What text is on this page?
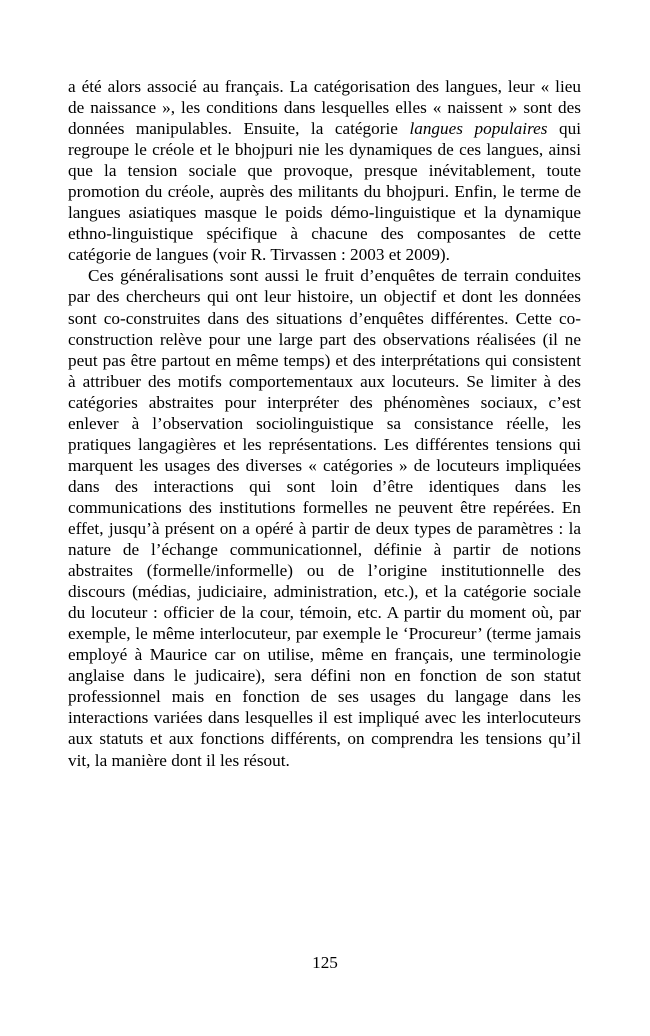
a été alors associé au français. La catégorisation des langues, leur « lieu de naissance », les conditions dans lesquelles elles « naissent » sont des données manipulables. Ensuite, la catégorie langues populaires qui regroupe le créole et le bhojpuri nie les dynamiques de ces langues, ainsi que la tension sociale que provoque, presque inévitablement, toute promotion du créole, auprès des militants du bhojpuri. Enfin, le terme de langues asiatiques masque le poids démo-linguistique et la dynamique ethno-linguistique spécifique à chacune des composantes de cette catégorie de langues (voir R. Tirvassen : 2003 et 2009).

Ces généralisations sont aussi le fruit d’enquêtes de terrain conduites par des chercheurs qui ont leur histoire, un objectif et dont les données sont co-construites dans des situations d’enquêtes différentes. Cette co-construction relève pour une large part des observations réalisées (il ne peut pas être partout en même temps) et des interprétations qui consistent à attribuer des motifs comportementaux aux locuteurs. Se limiter à des catégories abstraites pour interpréter des phénomènes sociaux, c’est enlever à l’observation sociolinguistique sa consistance réelle, les pratiques langagières et les représentations. Les différentes tensions qui marquent les usages des diverses « catégories » de locuteurs impliquées dans des interactions qui sont loin d’être identiques dans les communications des institutions formelles ne peuvent être repérées. En effet, jusqu’à présent on a opéré à partir de deux types de paramètres : la nature de l’échange communicationnel, définie à partir de notions abstraites (formelle/informelle) ou de l’origine institutionnelle des discours (médias, judiciaire, administration, etc.), et la catégorie sociale du locuteur : officier de la cour, témoin, etc. A partir du moment où, par exemple, le même interlocuteur, par exemple le ‘Procureur’ (terme jamais employé à Maurice car on utilise, même en français, une terminologie anglaise dans le judicaire), sera défini non en fonction de son statut professionnel mais en fonction de ses usages du langage dans les interactions variées dans lesquelles il est impliqué avec les interlocuteurs aux statuts et aux fonctions différents, on comprendra les tensions qu’il vit, la manière dont il les résout.

125
